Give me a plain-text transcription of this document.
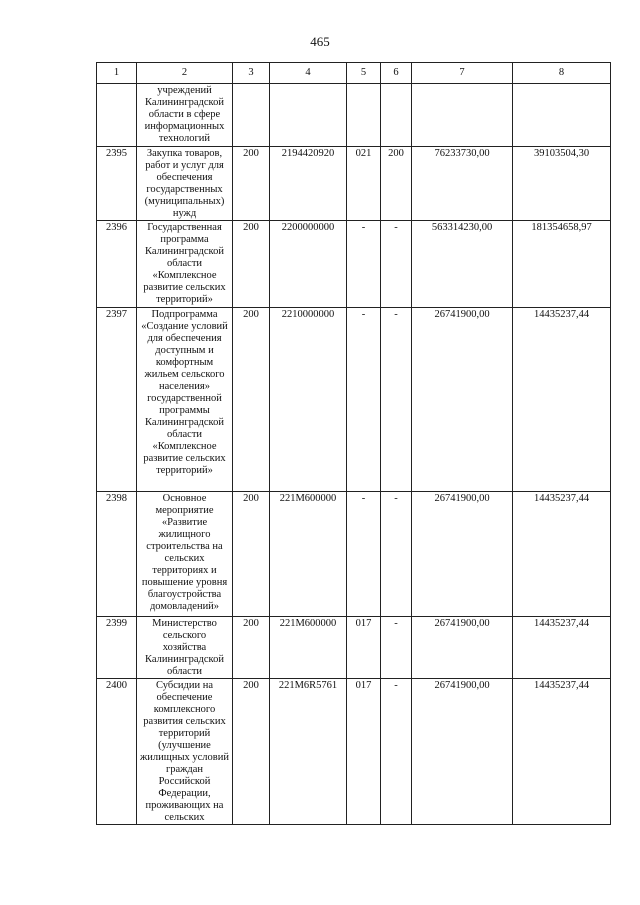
465
1	2	3	4	5	6	7	8
	учреждений Калининградской области в сфере информационных технологий						
2395	Закупка товаров, работ и услуг для обеспечения государственных (муниципальных) нужд	200	2194420920	021	200	76233730,00	39103504,30
2396	Государственная программа Калининградской области «Комплексное развитие сельских территорий»	200	2200000000	-	-	563314230,00	181354658,97
2397	Подпрограмма «Создание условий для обеспечения доступным и комфортным жильем сельского населения» государственной программы Калининградской области «Комплексное развитие сельских территорий»	200	2210000000	-	-	26741900,00	14435237,44
2398	Основное мероприятие «Развитие жилищного строительства на сельских территориях и повышение уровня благоустройства домовладений»	200	221М600000	-	-	26741900,00	14435237,44
2399	Министерство сельского хозяйства Калининградской области	200	221М600000	017	-	26741900,00	14435237,44
2400	Субсидии на обеспечение комплексного развития сельских территорий (улучшение жилищных условий граждан Российской Федерации, проживающих на сельских	200	221М6R5761	017	-	26741900,00	14435237,44
